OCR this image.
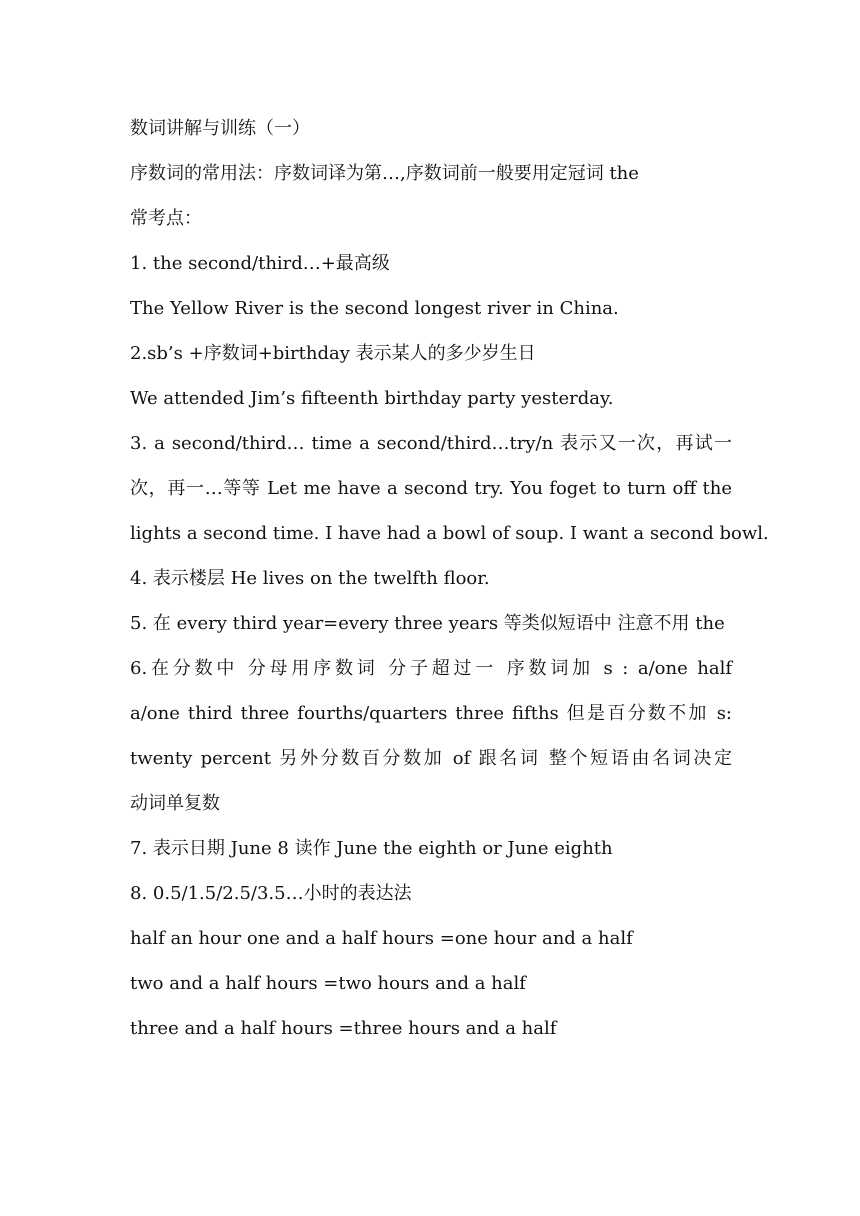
数词讲解与训练（一）
序数词的常用法：序数词译为第…,序数词前一般要用定冠词 the
常考点：
1. the second/third…+最高级
The Yellow River is the second longest river in China.
2.sb’s +序数词+birthday 表示某人的多少岁生日
We attended Jim’s fifteenth birthday party yesterday.
3. a second/third… time a second/third…try/n 表示又一次，再试一
次，再一…等等 Let me have a second try. You foget to turn off the
lights a second time. I have had a bowl of soup. I want a second bowl.
4. 表示楼层 He lives on the twelfth floor.
5. 在 every third year=every three years 等类似短语中 注意不用 the
6.在分数中 分母用序数词 分子超过一 序数词加 s : a/one half
a/one third three fourths/quarters three fifths 但是百分数不加 s:
twenty percent 另外分数百分数加 of 跟名词 整个短语由名词决定
动词单复数
7. 表示日期 June 8 读作 June the eighth or June eighth
8. 0.5/1.5/2.5/3.5…小时的表达法
half an hour one and a half hours =one hour and a half
two and a half hours =two hours and a half
three and a half hours =three hours and a half
